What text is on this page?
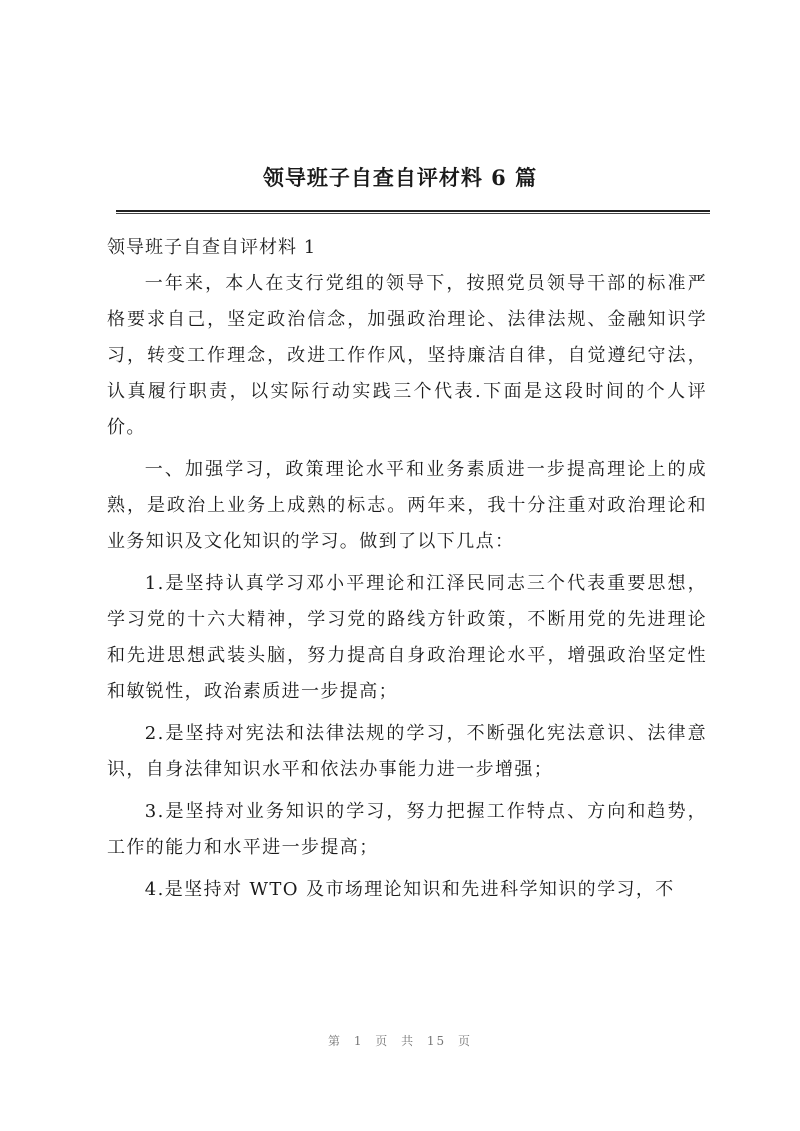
领导班子自查自评材料 6 篇

领导班子自查自评材料 1

一年来，本人在支行党组的领导下，按照党员领导干部的标准严格要求自己，坚定政治信念，加强政治理论、法律法规、金融知识学习，转变工作理念，改进工作作风，坚持廉洁自律，自觉遵纪守法，认真履行职责，以实际行动实践三个代表.下面是这段时间的个人评价。

一、加强学习，政策理论水平和业务素质进一步提高理论上的成熟，是政治上业务上成熟的标志。两年来，我十分注重对政治理论和业务知识及文化知识的学习。做到了以下几点：

1.是坚持认真学习邓小平理论和江泽民同志三个代表重要思想，学习党的十六大精神，学习党的路线方针政策，不断用党的先进理论和先进思想武装头脑，努力提高自身政治理论水平，增强政治坚定性和敏锐性，政治素质进一步提高；

2.是坚持对宪法和法律法规的学习，不断强化宪法意识、法律意识，自身法律知识水平和依法办事能力进一步增强；

3.是坚持对业务知识的学习，努力把握工作特点、方向和趋势，工作的能力和水平进一步提高；

4.是坚持对 WTO 及市场理论知识和先进科学知识的学习，不

第 1 页 共 15 页
